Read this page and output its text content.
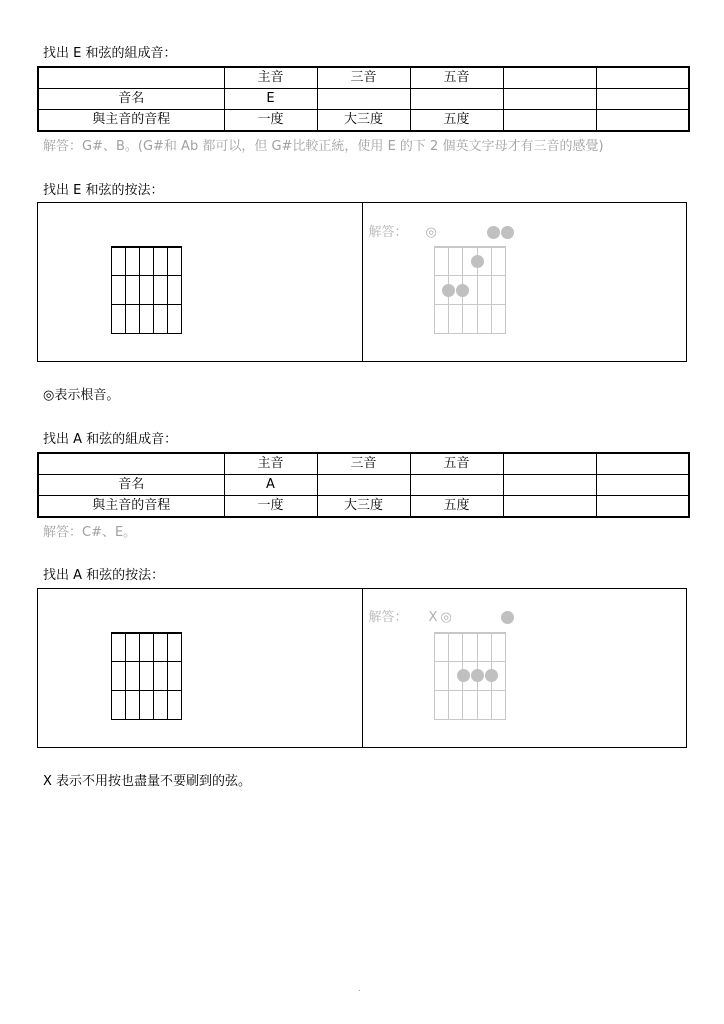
找出 E 和弦的組成音：
	主音	三音	五音		
音名	E				
與主音的音程	一度	大三度	五度		
解答：G#、B。(G#和 Ab 都可以，但 G#比較正統，使用 E 的下 2 個英文字母才有三音的感覺)
找出 E 和弦的按法：
解答： ◎
◎表示根音。
找出 A 和弦的組成音：
	主音	三音	五音		
音名	A				
與主音的音程	一度	大三度	五度		
解答：C#、E。
找出 A 和弦的按法：
解答： X ◎
X 表示不用按也盡量不要刷到的弦。
.
